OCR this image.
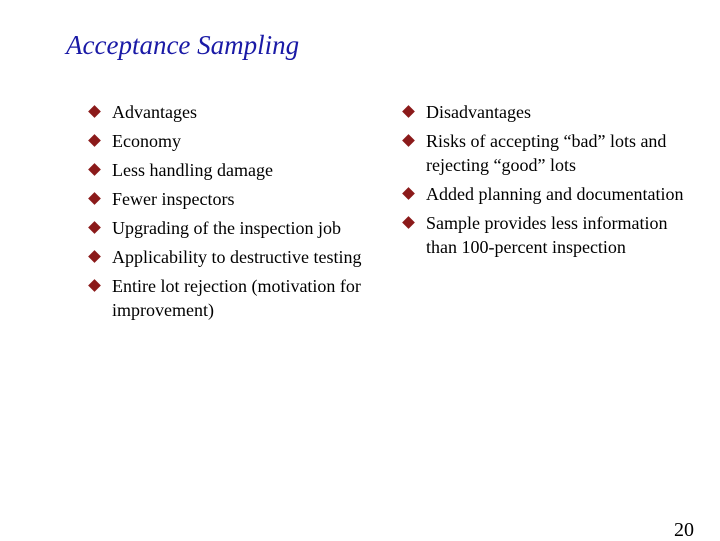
Acceptance Sampling
Advantages
Economy
Less handling damage
Fewer inspectors
Upgrading of the inspection job
Applicability to destructive testing
Entire lot rejection (motivation for improvement)
Disadvantages
Risks of accepting “bad” lots and rejecting “good” lots
Added planning and documentation
Sample provides less information than 100-percent inspection
20
